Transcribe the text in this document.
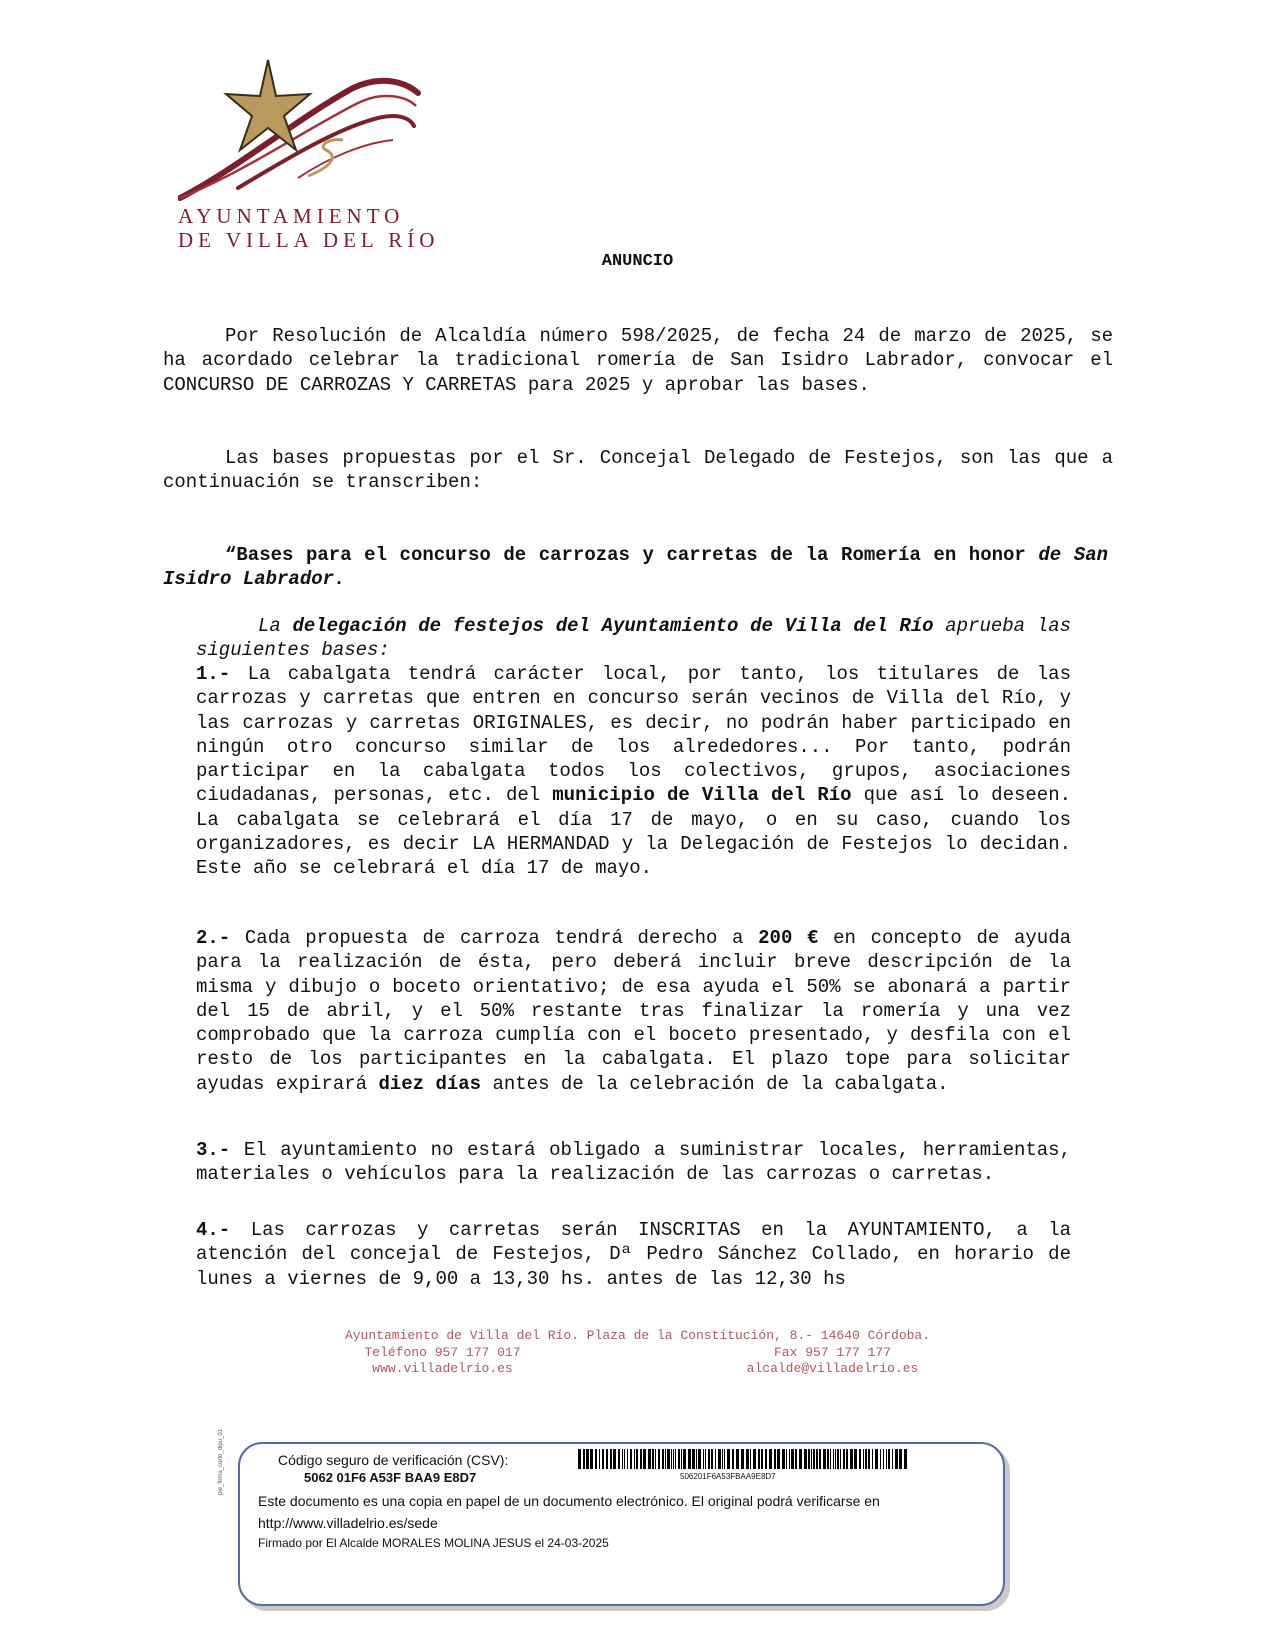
AYUNTAMIENTO
DE VILLA DEL RÍO
ANUNCIO
Por Resolución de Alcaldía número 598/2025, de fecha 24 de marzo de 2025, se ha acordado celebrar la tradicional romería de San Isidro Labrador, convocar el CONCURSO DE CARROZAS Y CARRETAS para 2025 y aprobar las bases.
Las bases propuestas por el Sr. Concejal Delegado de Festejos, son las que a continuación se transcriben:
“Bases para el concurso de carrozas y carretas de la Romería en honor de San Isidro Labrador.
La delegación de festejos del Ayuntamiento de Villa del Río aprueba las siguientes bases:
1.- La cabalgata tendrá carácter local, por tanto, los titulares de las carrozas y carretas que entren en concurso serán vecinos de Villa del Río, y las carrozas y carretas ORIGINALES, es decir, no podrán haber participado en ningún otro concurso similar de los alrededores... Por tanto, podrán participar en la cabalgata todos los colectivos, grupos, asociaciones ciudadanas, personas, etc. del municipio de Villa del Río que así lo deseen. La cabalgata se celebrará el día 17 de mayo, o en su caso, cuando los organizadores, es decir LA HERMANDAD y la Delegación de Festejos lo decidan. Este año se celebrará el día 17 de mayo.
2.- Cada propuesta de carroza tendrá derecho a 200 € en concepto de ayuda para la realización de ésta, pero deberá incluir breve descripción de la misma y dibujo o boceto orientativo; de esa ayuda el 50% se abonará a partir del 15 de abril, y el 50% restante tras finalizar la romería y una vez comprobado que la carroza cumplía con el boceto presentado, y desfila con el resto de los participantes en la cabalgata. El plazo tope para solicitar ayudas expirará diez días antes de la celebración de la cabalgata.
3.- El ayuntamiento no estará obligado a suministrar locales, herramientas, materiales o vehículos para la realización de las carrozas o carretas.
4.- Las carrozas y carretas serán INSCRITAS en la AYUNTAMIENTO, a la atención del concejal de Festejos, Dª Pedro Sánchez Collado, en horario de lunes a viernes de 9,00 a 13,30 hs. antes de las 12,30 hs
Ayuntamiento de Villa del Río. Plaza de la Constitución, 8.- 14640 Córdoba.
Teléfono 957 177 017	Fax 957 177 177
www.villadelrio.es	alcalde@villadelrio.es
pie_firma_corto_dipu_01	Código seguro de verificación (CSV):
5062 01F6 A53F BAA9 E8D7	506201F6A53FBAA9E8D7
Este documento es una copia en papel de un documento electrónico. El original podrá verificarse en http://www.villadelrio.es/sede
Firmado por El Alcalde MORALES MOLINA JESUS el 24-03-2025
